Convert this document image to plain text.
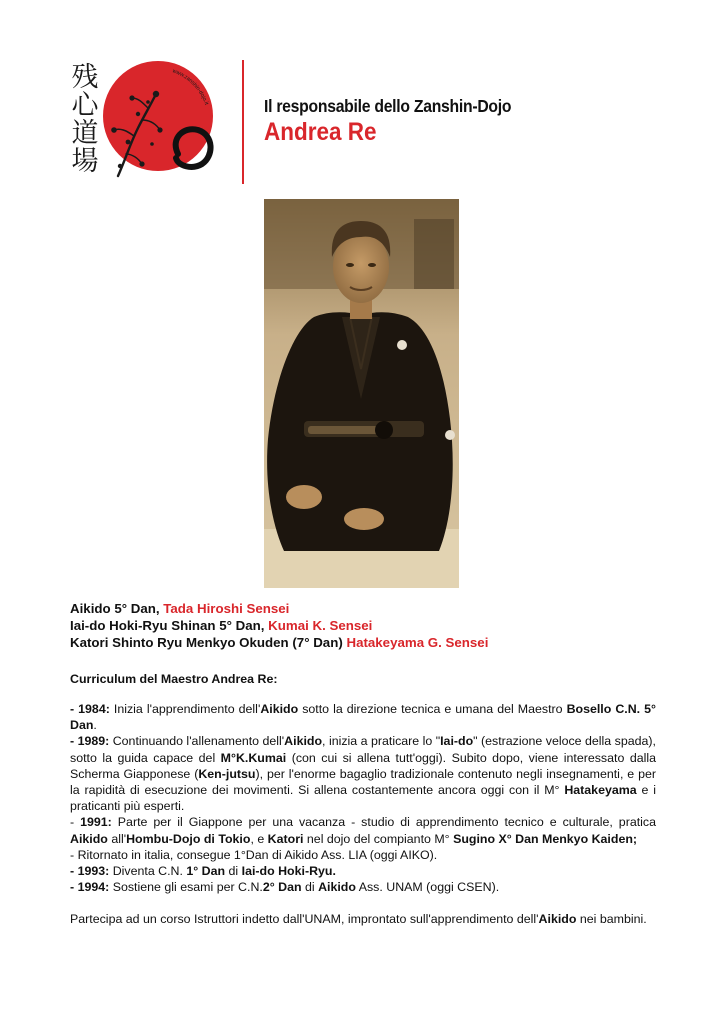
残
心
道
場
www.zanshin-dojo.it	Il responsabile dello Zanshin-Dojo
Andrea Re
Aikido 5° Dan, Tada Hiroshi Sensei
Iai-do Hoki-Ryu Shinan 5° Dan, Kumai K. Sensei
Katori Shinto Ryu Menkyo Okuden (7° Dan) Hatakeyama G. Sensei
Curriculum del Maestro Andrea Re:

- 1984: Inizia l'apprendimento dell'Aikido sotto la direzione tecnica e umana del Maestro Bosello C.N. 5° Dan.

- 1989: Continuando l'allenamento dell'Aikido, inizia a praticare lo "Iai-do" (estrazione veloce della spada), sotto la guida capace del M°K.Kumai (con cui si allena tutt'oggi). Subito dopo, viene interessato dalla Scherma Giapponese (Ken-jutsu), per l'enorme bagaglio tradizionale contenuto negli insegnamenti, e per la rapidità di esecuzione dei movimenti. Si allena costantemente ancora oggi con il M° Hatakeyama e i praticanti più esperti.

- 1991: Parte per il Giappone per una vacanza - studio di apprendimento tecnico e culturale, pratica Aikido all'Hombu-Dojo di Tokio, e Katori nel dojo del compianto M° Sugino X° Dan Menkyo Kaiden;

- Ritornato in italia, consegue 1°Dan di Aikido Ass. LIA (oggi AIKO).

- 1993: Diventa C.N. 1° Dan di Iai-do Hoki-Ryu.

- 1994: Sostiene gli esami per C.N.2° Dan di Aikido Ass. UNAM (oggi CSEN).

Partecipa ad un corso Istruttori indetto dall'UNAM, improntato sull'apprendimento dell'Aikido nei bambini.
